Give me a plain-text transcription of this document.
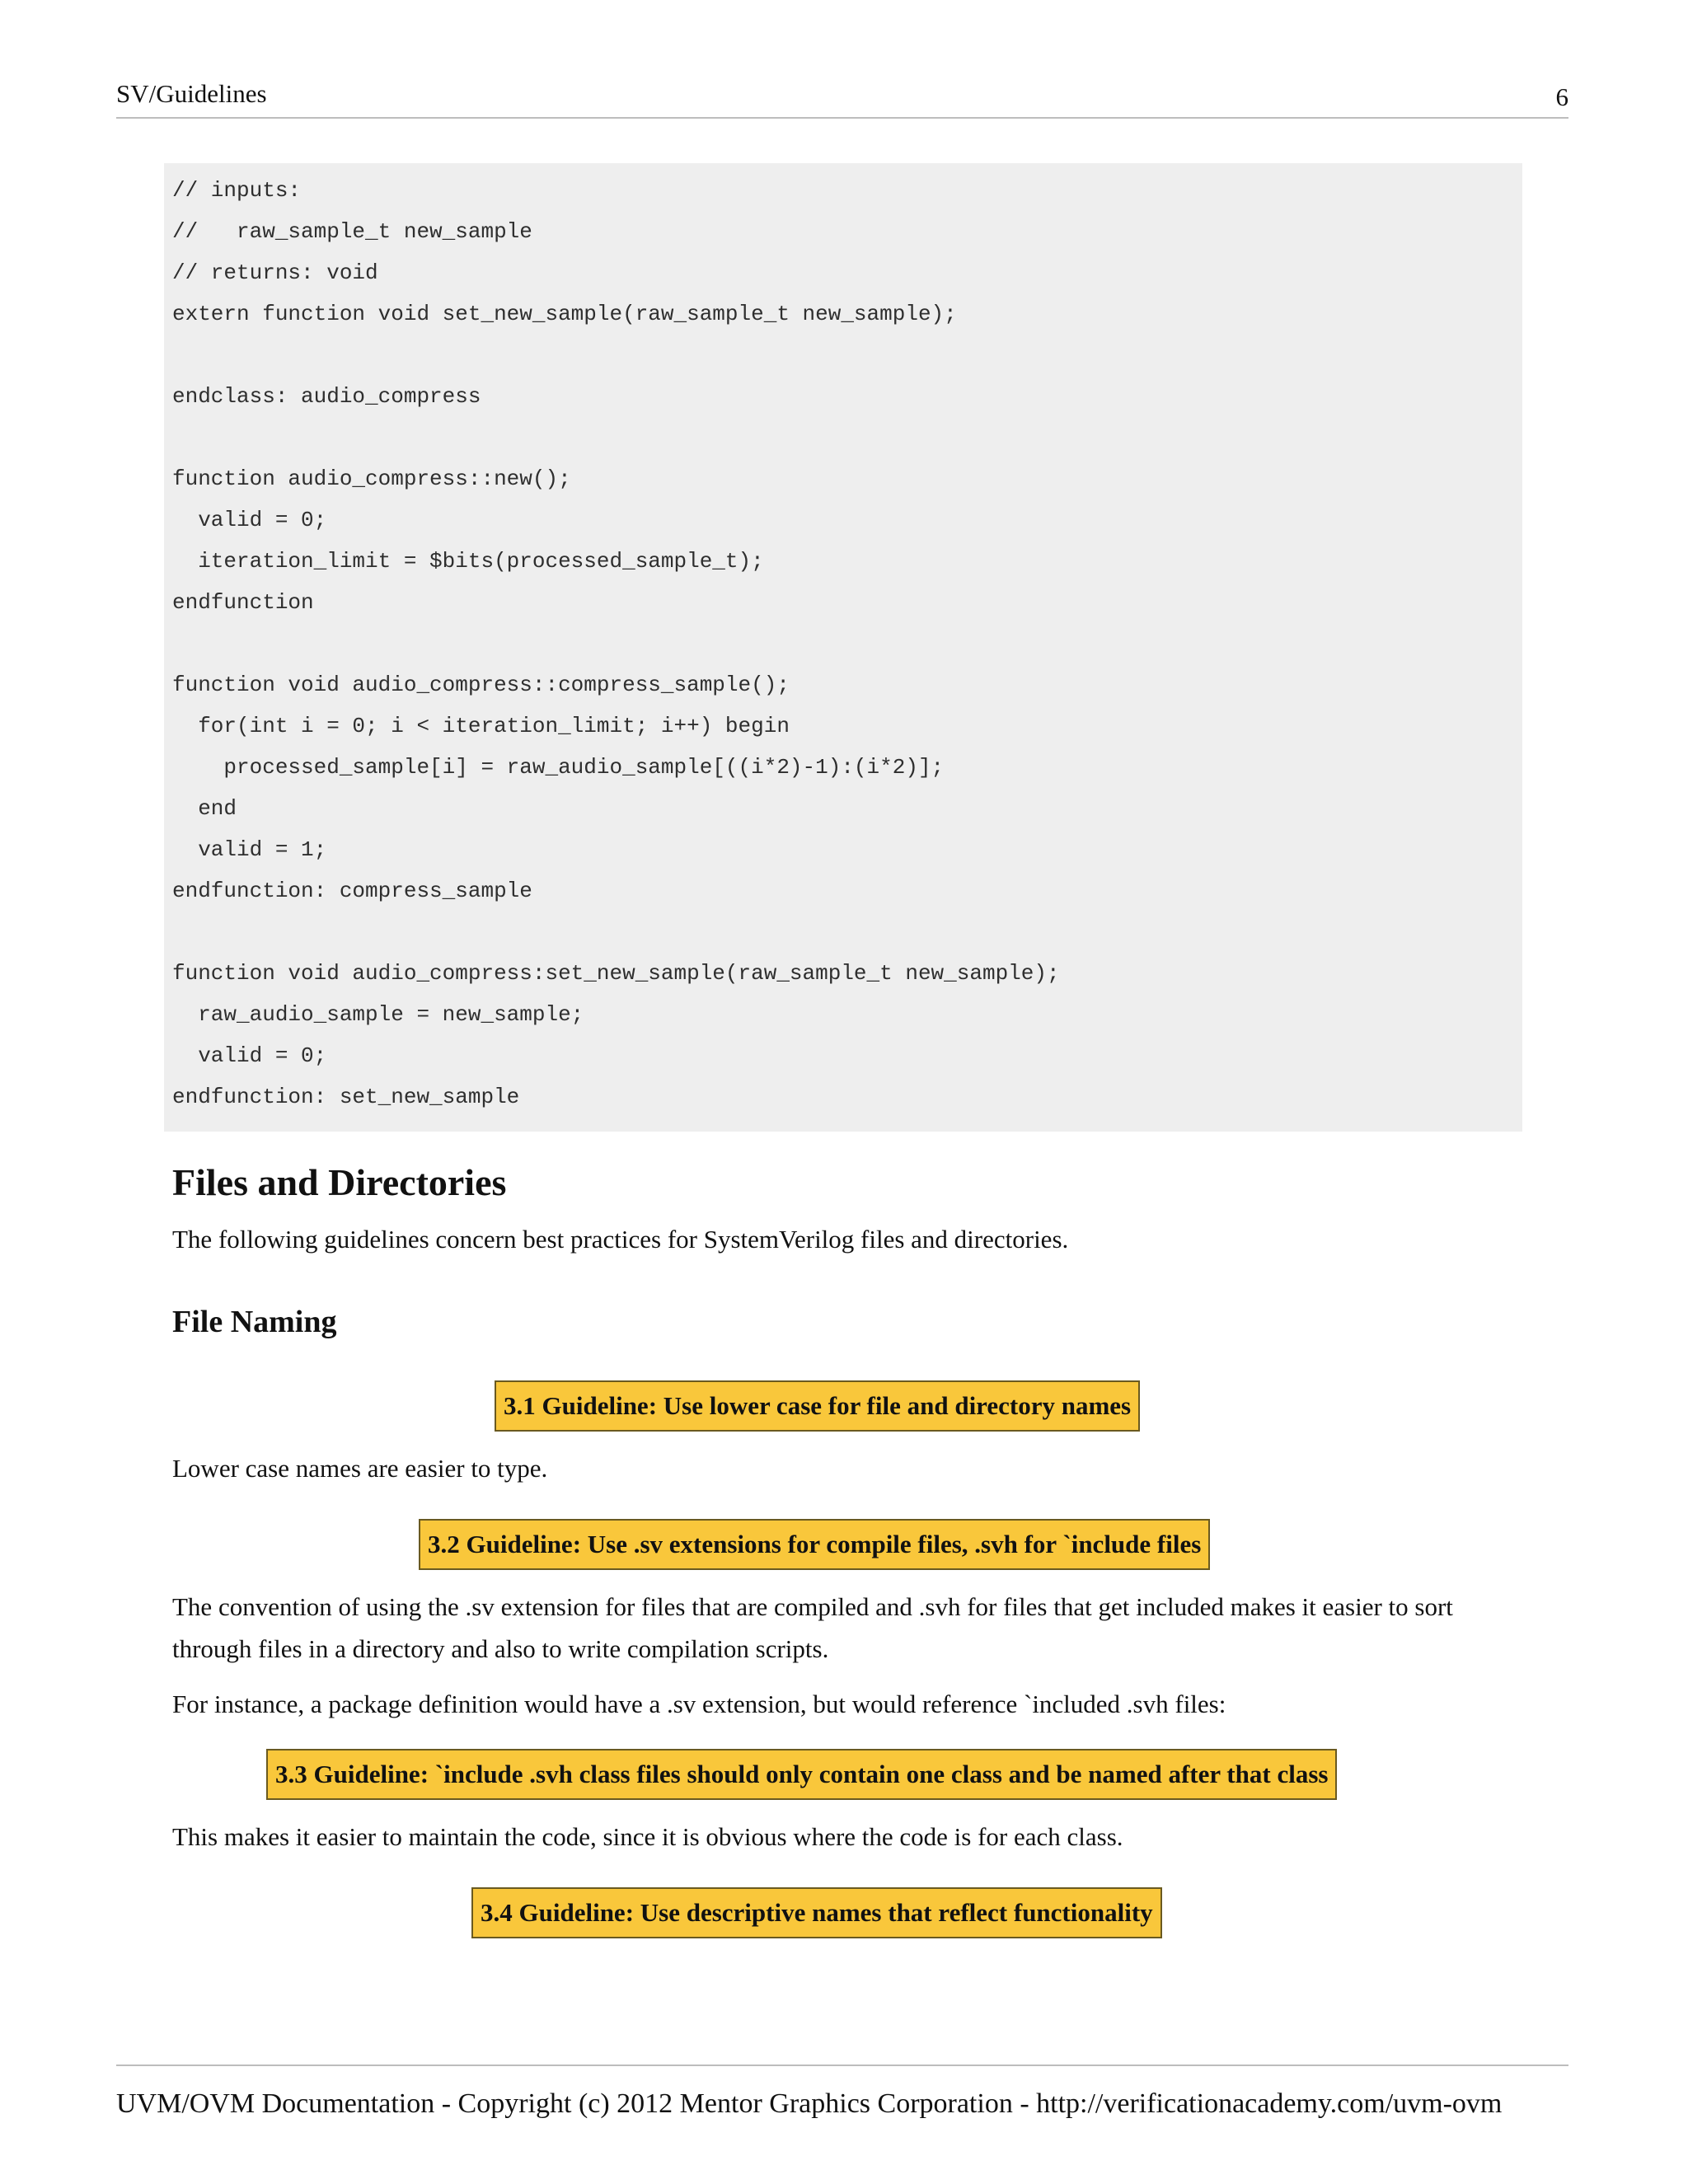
SV/Guidelines	6
// inputs:
//   raw_sample_t new_sample
// returns: void
extern function void set_new_sample(raw_sample_t new_sample);
endclass: audio_compress
function audio_compress::new();
valid = 0;
iteration_limit = $bits(processed_sample_t);
endfunction
function void audio_compress::compress_sample();
for(int i = 0; i < iteration_limit; i++) begin
processed_sample[i] = raw_audio_sample[((i*2)-1):(i*2)];
end
valid = 1;
endfunction: compress_sample
function void audio_compress:set_new_sample(raw_sample_t new_sample);
raw_audio_sample = new_sample;
valid = 0;
endfunction: set_new_sample
Files and Directories
The following guidelines concern best practices for SystemVerilog files and directories.
File Naming
3.1 Guideline: Use lower case for file and directory names
Lower case names are easier to type.
3.2 Guideline: Use .sv extensions for compile files, .svh for `include files
The convention of using the .sv extension for files that are compiled and .svh for files that get included makes it easier to sort through files in a directory and also to write compilation scripts.
For instance, a package definition would have a .sv extension, but would reference `included .svh files:
3.3 Guideline: `include .svh class files should only contain one class and be named after that class
This makes it easier to maintain the code, since it is obvious where the code is for each class.
3.4 Guideline: Use descriptive names that reflect functionality
UVM/OVM Documentation - Copyright (c) 2012 Mentor Graphics Corporation - http://verificationacademy.com/uvm-ovm
